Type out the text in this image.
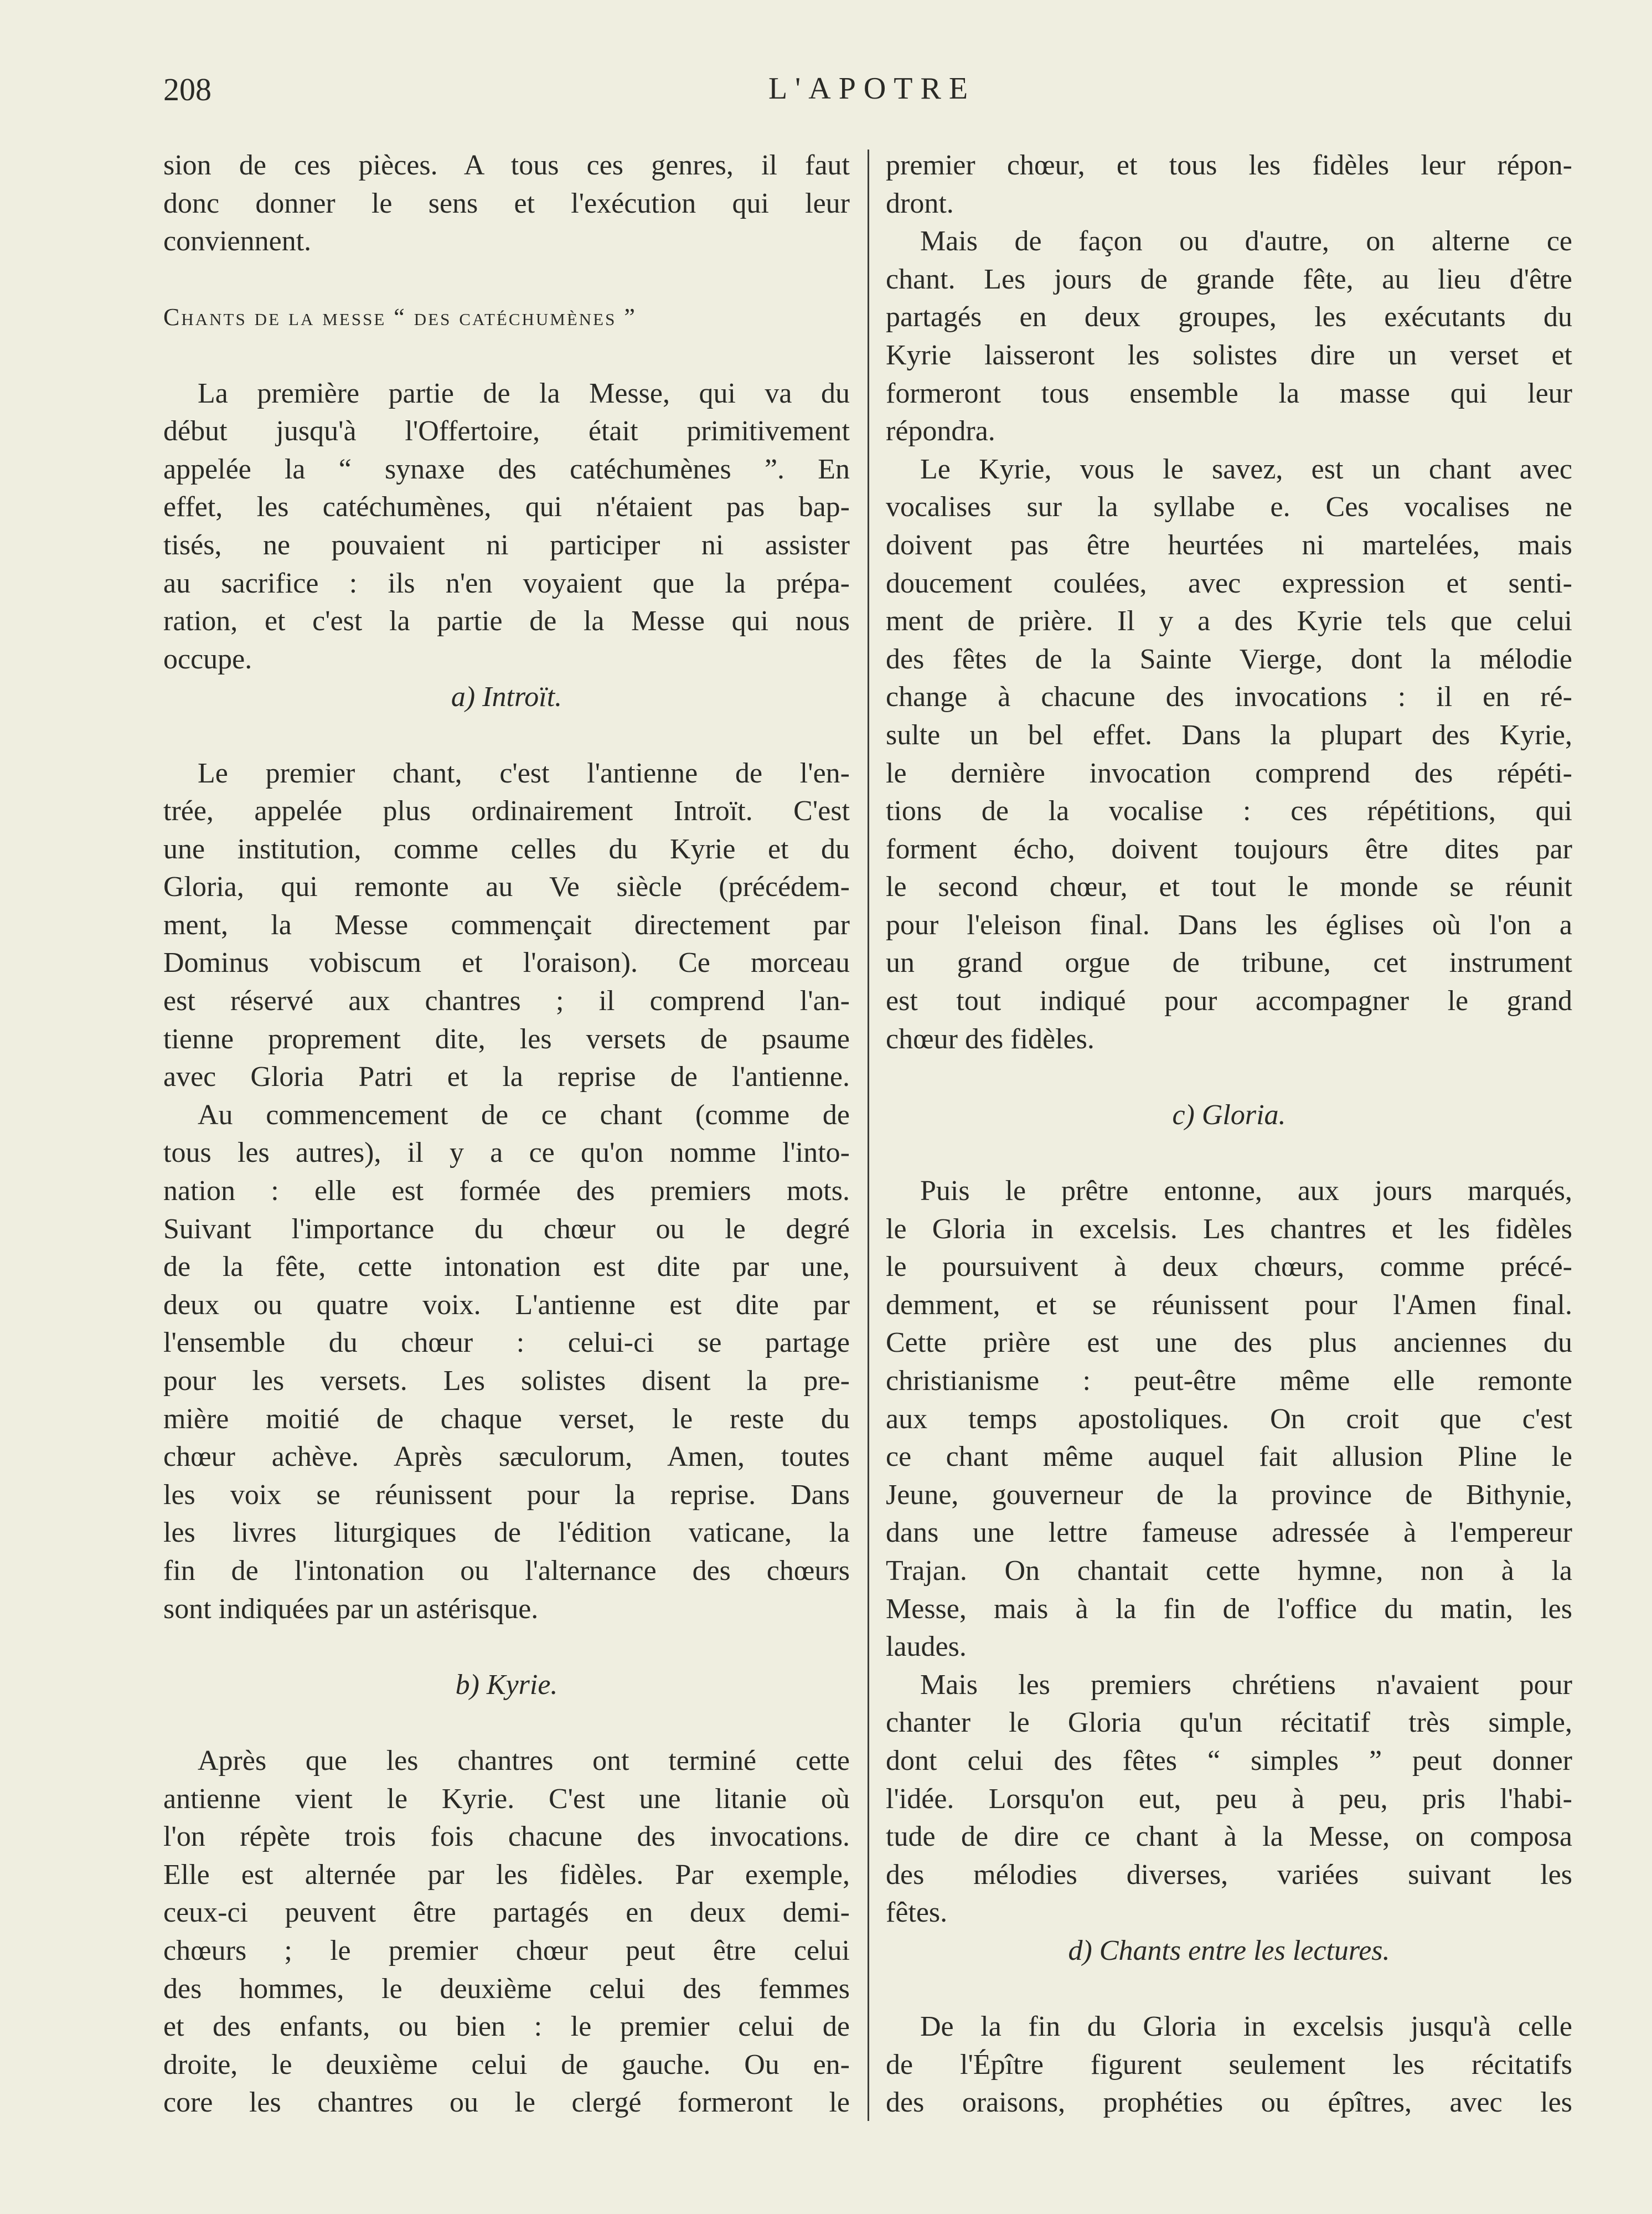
208	L'APOTRE
sion de ces pièces. A tous ces genres, il faut
donc donner le sens et l'exécution qui leur
conviennent.

Chants de la messe “ des catéchumènes ”

La première partie de la Messe, qui va du
début jusqu'à l'Offertoire, était primitivement
appelée la “ synaxe des catéchumènes ”. En
effet, les catéchumènes, qui n'étaient pas bap-
tisés, ne pouvaient ni participer ni assister
au sacrifice : ils n'en voyaient que la prépa-
ration, et c'est la partie de la Messe qui nous
occupe.
a) Introït.

Le premier chant, c'est l'antienne de l'en-
trée, appelée plus ordinairement Introït. C'est
une institution, comme celles du Kyrie et du
Gloria, qui remonte au Ve siècle (précédem-
ment, la Messe commençait directement par
Dominus vobiscum et l'oraison). Ce morceau
est réservé aux chantres ; il comprend l'an-
tienne proprement dite, les versets de psaume
avec Gloria Patri et la reprise de l'antienne.
Au commencement de ce chant (comme de
tous les autres), il y a ce qu'on nomme l'into-
nation : elle est formée des premiers mots.
Suivant l'importance du chœur ou le degré
de la fête, cette intonation est dite par une,
deux ou quatre voix. L'antienne est dite par
l'ensemble du chœur : celui-ci se partage
pour les versets. Les solistes disent la pre-
mière moitié de chaque verset, le reste du
chœur achève. Après sæculorum, Amen, toutes
les voix se réunissent pour la reprise. Dans
les livres liturgiques de l'édition vaticane, la
fin de l'intonation ou l'alternance des chœurs
sont indiquées par un astérisque.

b) Kyrie.

Après que les chantres ont terminé cette
antienne vient le Kyrie. C'est une litanie où
l'on répète trois fois chacune des invocations.
Elle est alternée par les fidèles. Par exemple,
ceux-ci peuvent être partagés en deux demi-
chœurs ; le premier chœur peut être celui
des hommes, le deuxième celui des femmes
et des enfants, ou bien : le premier celui de
droite, le deuxième celui de gauche. Ou en-
core les chantres ou le clergé formeront le
premier chœur, et tous les fidèles leur répon-
dront.
Mais de façon ou d'autre, on alterne ce
chant. Les jours de grande fête, au lieu d'être
partagés en deux groupes, les exécutants du
Kyrie laisseront les solistes dire un verset et
formeront tous ensemble la masse qui leur
répondra.
Le Kyrie, vous le savez, est un chant avec
vocalises sur la syllabe e. Ces vocalises ne
doivent pas être heurtées ni martelées, mais
doucement coulées, avec expression et senti-
ment de prière. Il y a des Kyrie tels que celui
des fêtes de la Sainte Vierge, dont la mélodie
change à chacune des invocations : il en ré-
sulte un bel effet. Dans la plupart des Kyrie,
le dernière invocation comprend des répéti-
tions de la vocalise : ces répétitions, qui
forment écho, doivent toujours être dites par
le second chœur, et tout le monde se réunit
pour l'eleison final. Dans les églises où l'on a
un grand orgue de tribune, cet instrument
est tout indiqué pour accompagner le grand
chœur des fidèles.

c) Gloria.

Puis le prêtre entonne, aux jours marqués,
le Gloria in excelsis. Les chantres et les fidèles
le poursuivent à deux chœurs, comme précé-
demment, et se réunissent pour l'Amen final.
Cette prière est une des plus anciennes du
christianisme : peut-être même elle remonte
aux temps apostoliques. On croit que c'est
ce chant même auquel fait allusion Pline le
Jeune, gouverneur de la province de Bithynie,
dans une lettre fameuse adressée à l'empereur
Trajan. On chantait cette hymne, non à la
Messe, mais à la fin de l'office du matin, les
laudes.
Mais les premiers chrétiens n'avaient pour
chanter le Gloria qu'un récitatif très simple,
dont celui des fêtes “ simples ” peut donner
l'idée. Lorsqu'on eut, peu à peu, pris l'habi-
tude de dire ce chant à la Messe, on composa
des mélodies diverses, variées suivant les
fêtes.
d) Chants entre les lectures.

De la fin du Gloria in excelsis jusqu'à celle
de l'Épître figurent seulement les récitatifs
des oraisons, prophéties ou épîtres, avec les
